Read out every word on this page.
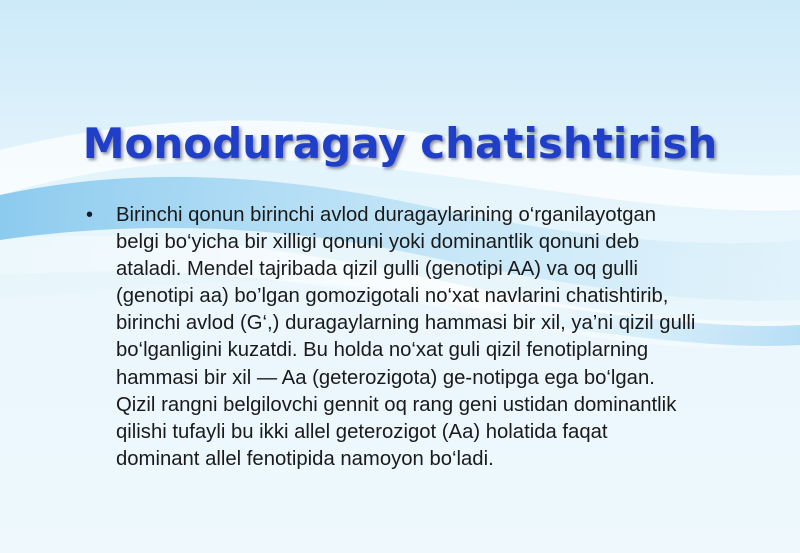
Monoduragay chatishtirish
• Birinchi qonun birinchi avlod duragaylarining o‘rganilayotgan belgi bo‘yicha bir xilligi qonuni yoki dominantlik qonuni deb ataladi. Mendel tajribada qizil gulli (genotipi AA) va oq gulli (genotipi aa) bo’lgan gomozigotali no‘xat navlarini chatishtirib, birinchi avlod (G‘,) duragaylarning hammasi bir xil, ya’ni qizil gulli bo‘lganligini kuzatdi. Bu holda no‘xat guli qizil fenotiplarning hammasi bir xil — Aa (geterozigota) ge-notipga ega bo‘lgan. Qizil rangni belgilovchi gennit oq rang geni ustidan dominantlik qilishi tufayli bu ikki allel geterozigot (Aa) holatida faqat dominant allel fenotipida namoyon bo‘ladi.
